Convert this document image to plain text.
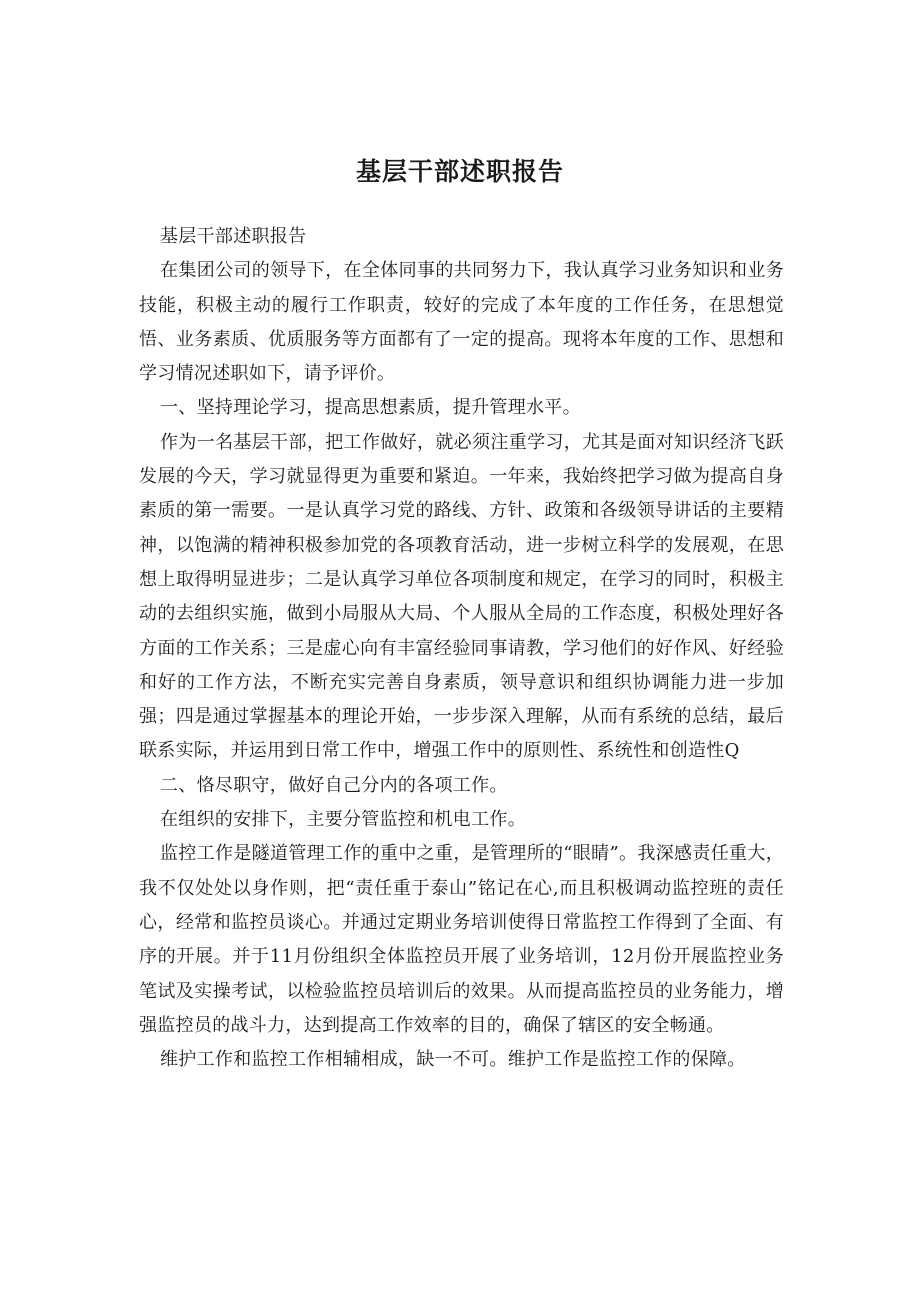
基层干部述职报告

基层干部述职报告

在集团公司的领导下，在全体同事的共同努力下，我认真学习业务知识和业务技能，积极主动的履行工作职责，较好的完成了本年度的工作任务，在思想觉悟、业务素质、优质服务等方面都有了一定的提高。现将本年度的工作、思想和学习情况述职如下，请予评价。

一、坚持理论学习，提高思想素质，提升管理水平。

作为一名基层干部，把工作做好，就必须注重学习，尤其是面对知识经济飞跃发展的今天，学习就显得更为重要和紧迫。一年来，我始终把学习做为提高自身素质的第一需要。一是认真学习党的路线、方针、政策和各级领导讲话的主要精神，以饱满的精神积极参加党的各项教育活动，进一步树立科学的发展观，在思想上取得明显进步；二是认真学习单位各项制度和规定，在学习的同时，积极主动的去组织实施，做到小局服从大局、个人服从全局的工作态度，积极处理好各方面的工作关系；三是虚心向有丰富经验同事请教，学习他们的好作风、好经验和好的工作方法，不断充实完善自身素质，领导意识和组织协调能力进一步加强；四是通过掌握基本的理论开始，一步步深入理解，从而有系统的总结，最后联系实际，并运用到日常工作中，增强工作中的原则性、系统性和创造性Q

二、恪尽职守，做好自己分内的各项工作。

在组织的安排下，主要分管监控和机电工作。

监控工作是隧道管理工作的重中之重，是管理所的“眼睛”。我深感责任重大，我不仅处处以身作则，把“责任重于泰山”铭记在心,而且积极调动监控班的责任心，经常和监控员谈心。并通过定期业务培训使得日常监控工作得到了全面、有序的开展。并于11月份组织全体监控员开展了业务培训，12月份开展监控业务笔试及实操考试，以检验监控员培训后的效果。从而提高监控员的业务能力，增强监控员的战斗力，达到提高工作效率的目的，确保了辖区的安全畅通。

维护工作和监控工作相辅相成，缺一不可。维护工作是监控工作的保障。
